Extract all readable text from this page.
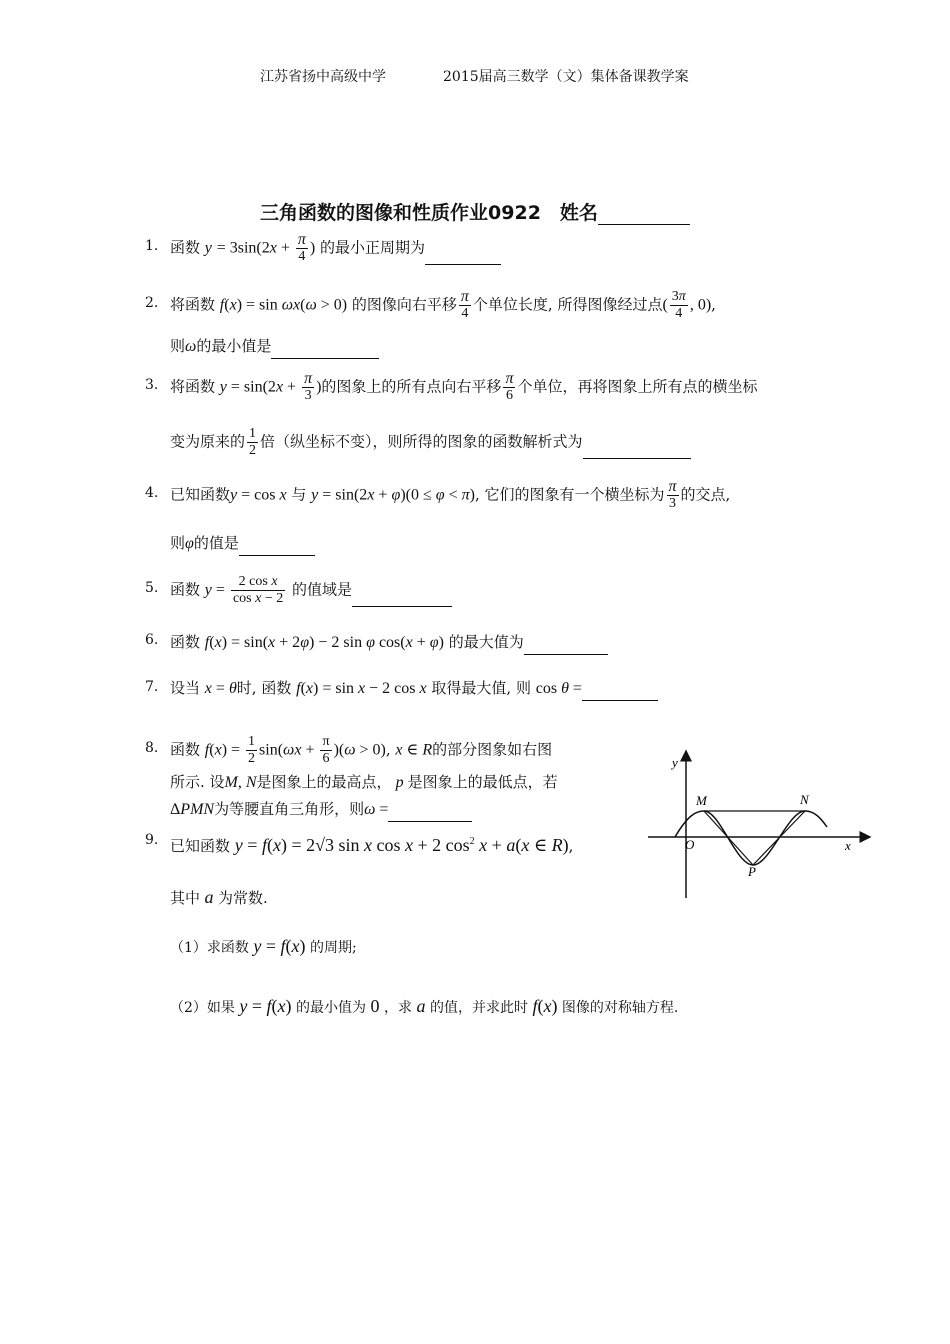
江苏省扬中高级中学	2015届高三数学（文）集体备课教学案
三角函数的图像和性质作业0922　姓名
1. 函数 $y = 3\sin(2x + \frac{\pi}{4}$ ) 的最小正周期为
2. 将函数 f(x) = sin ωx(ω > 0) 的图像向右平移 $\frac{\pi}{4}$ 个单位长度, 所得图像经过点( $\frac{3\pi}{4}$ , 0),
则ω的最小值是
3. 将函数 $y = \sin(2x + \frac{\pi}{3}$ )的图象上的所有点向右平移 $\frac{\pi}{6}$ 个单位，再将图象上所有点的横坐标
变为原来的 $\frac{1}{2}$ 倍（纵坐标不变），则所得的图象的函数解析式为
4. 已知函数y = cos x 与 y = sin(2x + φ)(0 ≤ φ < π), 它们的图象有一个横坐标为 $\frac{\pi}{3}$ 的交点,
则φ的值是
5. 函数 $y = \frac{\text{2 cos x}}{\text{cos x − 2}}$ 的值域是
6. 函数 f(x) = sin(x + 2φ) − 2 sin φ cos(x + φ) 的最大值为
7. 设当 x = θ时, 函数 f(x) = sin x − 2 cos x 取得最大值, 则 cos θ =
8. 函数 $f(x) = \frac{1}{2} \sin(\omega x + \frac{\pi}{6} )(\omega > 0)$, x ∈ R的部分图象如右图
所示. 设M, N是图象上的最高点， p 是图象上的最低点，若
ΔPMN为等腰直角三角形，则ω =
9. 已知函数 y = f(x) = 2√3 sin x cos x + 2 $\cos^2 x + a(x$ ∈ R),
其中 a 为常数.
（1）求函数 y = f(x) 的周期;
（2）如果 y = f(x) 的最小值为 0 ，求 a 的值，并求此时 f(x) 图像的对称轴方程.
y
x
O
M	N
P
